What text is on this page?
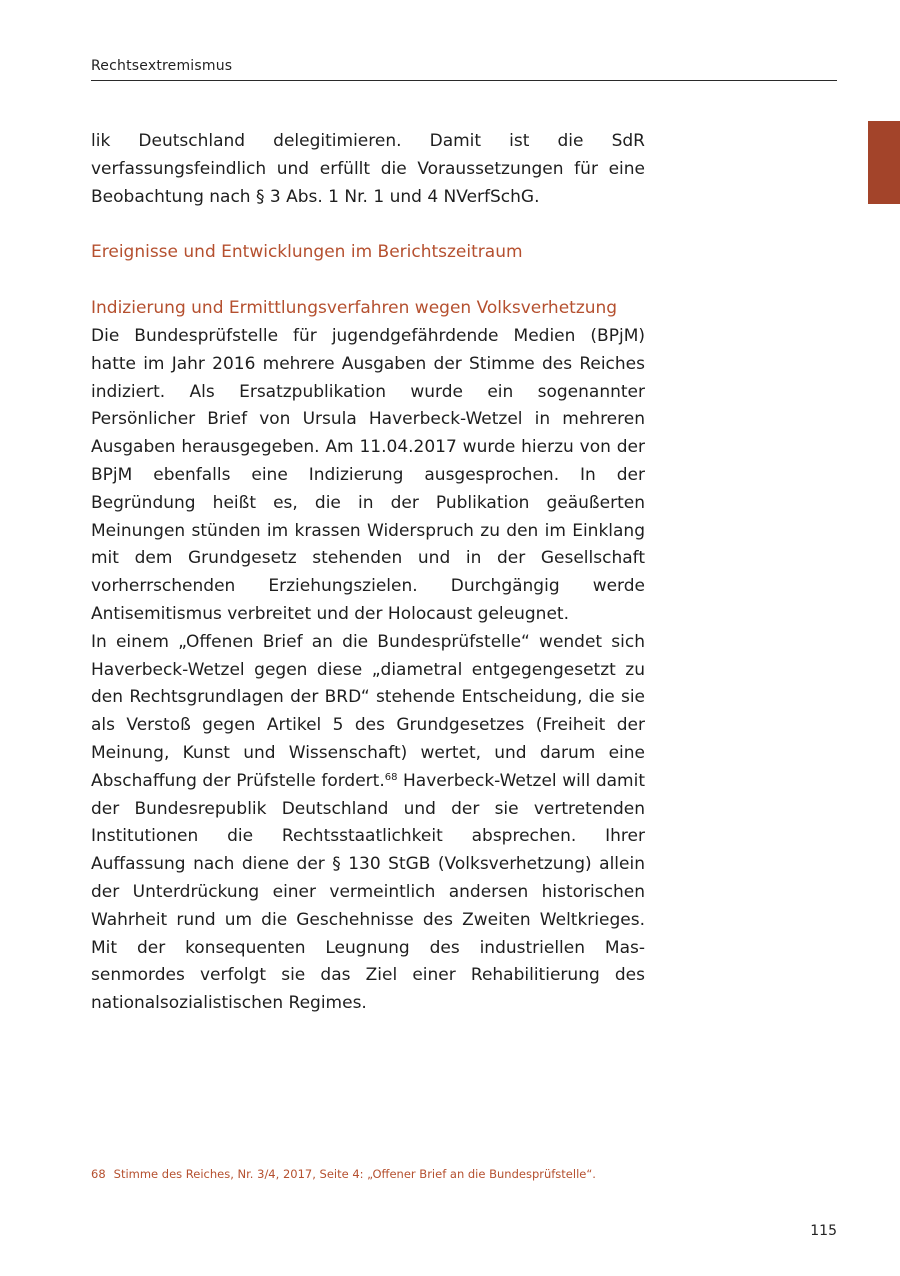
Rechtsextremismus

lik Deutschland delegitimieren. Damit ist die SdR verfassungsfeindlich und erfüllt die Voraussetzungen für eine Beobachtung nach § 3 Abs. 1 Nr. 1 und 4 NVerfSchG.

Ereignisse und Entwicklungen im Berichtszeitraum
Indizierung und Ermittlungsverfahren wegen Volksverhetzung

Die Bundesprüfstelle für jugendgefährdende Medien (BPjM) hatte im Jahr 2016 mehrere Ausgaben der Stimme des Reiches indiziert. Als Ersatzpublikation wurde ein sogenannter Persönlicher Brief von Ursula Haverbeck-Wetzel in mehreren Ausgaben herausgegeben. Am 11.04.2017 wurde hierzu von der BPjM ebenfalls eine Indizierung ausgesprochen. In der Begründung heißt es, die in der Publikation geäußerten Meinungen stünden im krassen Widerspruch zu den im Einklang mit dem Grundgesetz stehenden und in der Gesellschaft vorherrschenden Erziehungszielen. Durchgängig werde Antisemitismus verbreitet und der Holocaust geleugnet.

In einem „Offenen Brief an die Bundesprüfstelle“ wendet sich Haverbeck-Wetzel gegen diese „diametral entgegengesetzt zu den Rechtsgrundlagen der BRD“ stehende Entscheidung, die sie als Verstoß gegen Artikel 5 des Grundgesetzes (Freiheit der Meinung, Kunst und Wissenschaft) wertet, und darum eine Abschaffung der Prüfstelle fordert.$^{68}$ Haverbeck-Wetzel will damit der Bundesrepublik Deutschland und der sie vertretenden Institutionen die Rechtsstaatlichkeit absprechen. Ihrer Auffassung nach diene der § 130 StGB (Volksverhetzung) allein der Unterdrückung einer vermeintlich andersen historischen Wahrheit rund um die Geschehnisse des Zweiten Weltkrieges. Mit der konsequenten Leugnung des industriellen Massenmordes verfolgt sie das Ziel einer Rehabilitierung des nationalsozialistischen Regimes.

68 Stimme des Reiches, Nr. 3/4, 2017, Seite 4: „Offener Brief an die Bundesprüfstelle“.
115
